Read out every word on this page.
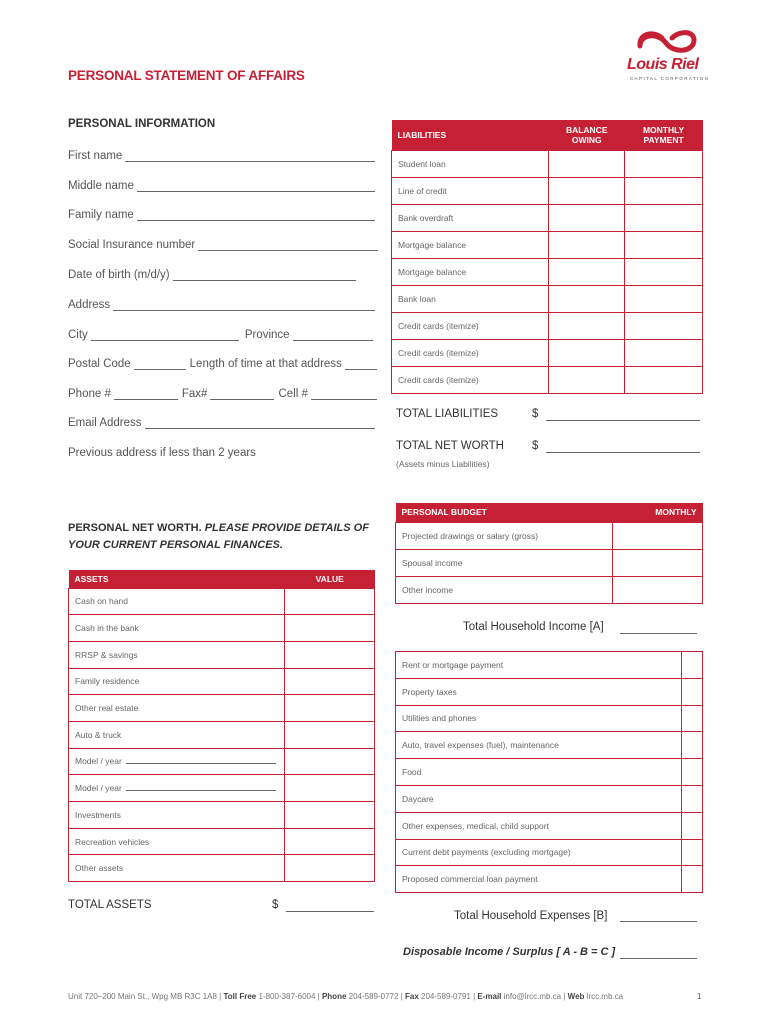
PERSONAL STATEMENT OF AFFAIRS
Louis Riel
CAPITAL CORPORATION
PERSONAL INFORMATION
First name
Middle name
Family name
Social Insurance number
Date of birth (m/d/y)
Address
City	Province
Postal Code	Length of time at that address
Phone #	Fax#	Cell #
Email Address
Previous address if less than 2 years
LIABILITIES	BALANCE OWING	MONTHLY PAYMENT
Student loan		
Line of credit		
Bank overdraft		
Mortgage balance		
Mortgage balance		
Bank loan		
Credit cards (itemize)		
Credit cards (itemize)		
Credit cards (itemize)		
TOTAL LIABILITIES	$
TOTAL NET WORTH $
(Assets minus Liabilities)
PERSONAL NET WORTH. PLEASE PROVIDE DETAILS OF YOUR CURRENT PERSONAL FINANCES.
ASSETS	VALUE
Cash on hand	
Cash in the bank	
RRSP & savings	
Family residence	
Other real estate	
Auto & truck	
Model / year	
Model / year	
Investments	
Recreation vehicles	
Other assets	
TOTAL ASSETS	$
PERSONAL BUDGET	MONTHLY
Projected drawings or salary (gross)	
Spousal income	
Other income	
Total Household Income [A]
Rent or mortgage payment	
Property taxes	
Utilities and phones	
Auto, travel expenses (fuel), maintenance	
Food	
Daycare	
Other expenses, medical, child support	
Current debt payments (excluding mortgage)	
Proposed commercial loan payment	
Total Household Expenses [B]
Disposable Income / Surplus [ A - B = C ]
Unit 720–200 Main St., Wpg MB R3C 1A8 | Toll Free 1-800-387-6004 | Phone 204-589-0772 | Fax 204-589-0791 | E-mail info@lrcc.mb.ca | Web lrcc.mb.ca	1
